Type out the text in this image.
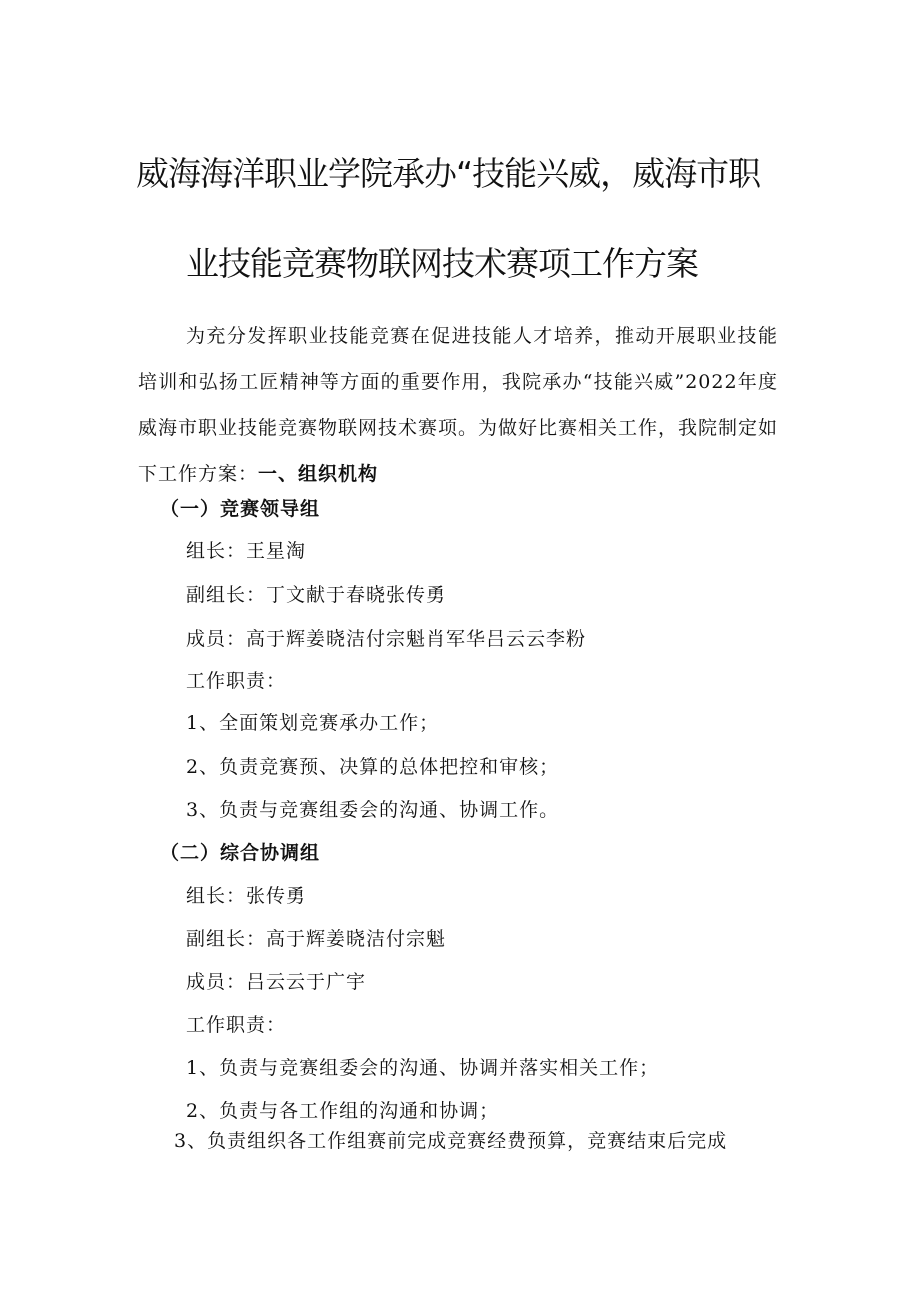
威海海洋职业学院承办“技能兴威，威海市职
业技能竞赛物联网技术赛项工作方案
为充分发挥职业技能竞赛在促进技能人才培养，推动开展职业技能培训和弘扬工匠精神等方面的重要作用，我院承办“技能兴威”2022年度威海市职业技能竞赛物联网技术赛项。为做好比赛相关工作，我院制定如下工作方案：一、组织机构
（一）竞赛领导组
组长：王星淘
副组长：丁文献于春晓张传勇
成员：高于辉姜晓洁付宗魁肖军华吕云云李粉
工作职责：
1、全面策划竞赛承办工作；
2、负责竞赛预、决算的总体把控和审核；
3、负责与竞赛组委会的沟通、协调工作。
（二）综合协调组
组长：张传勇
副组长：高于辉姜晓洁付宗魁
成员：吕云云于广宇
工作职责：
1、负责与竞赛组委会的沟通、协调并落实相关工作；
2、负责与各工作组的沟通和协调；
3、负责组织各工作组赛前完成竞赛经费预算，竞赛结束后完成
